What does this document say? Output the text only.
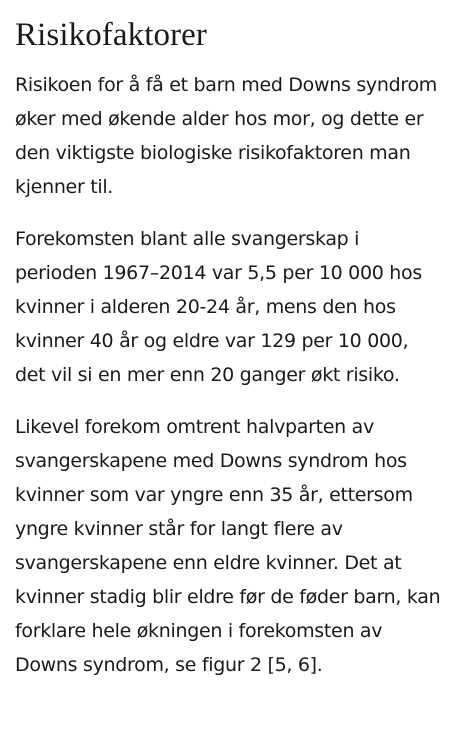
Risikofaktorer

Risikoen for å få et barn med Downs syndrom øker med økende alder hos mor, og dette er den viktigste biologiske risikofaktoren man kjenner til.

Forekomsten blant alle svangerskap i perioden 1967–2014 var 5,5 per 10 000 hos kvinner i alderen 20-24 år, mens den hos kvinner 40 år og eldre var 129 per 10 000, det vil si en mer enn 20 ganger økt risiko.

Likevel forekom omtrent halvparten av svangerskapene med Downs syndrom hos kvinner som var yngre enn 35 år, ettersom yngre kvinner står for langt flere av svangerskapene enn eldre kvinner. Det at kvinner stadig blir eldre før de føder barn, kan forklare hele økningen i forekomsten av Downs syndrom, se figur 2 [5, 6].
